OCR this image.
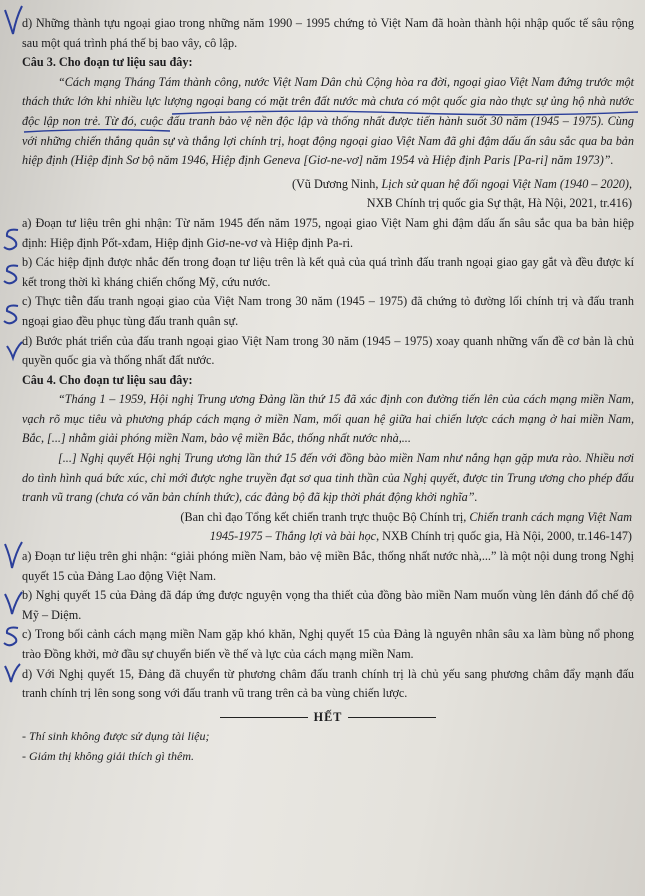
d) Những thành tựu ngoại giao trong những năm 1990 – 1995 chứng tỏ Việt Nam đã hoàn thành hội nhập quốc tế sâu rộng sau một quá trình phá thế bị bao vây, cô lập.

Câu 3. Cho đoạn tư liệu sau đây:

“Cách mạng Tháng Tám thành công, nước Việt Nam Dân chủ Cộng hòa ra đời, ngoại giao Việt Nam đứng trước một thách thức lớn khi nhiều lực lượng ngoại bang có mặt trên đất nước mà chưa có một quốc gia nào thực sự ủng hộ nhà nước độc lập non trẻ. Từ đó, cuộc đấu tranh bảo vệ nền độc lập và thống nhất được tiến hành suốt 30 năm (1945 – 1975). Cùng với những chiến thắng quân sự và thắng lợi chính trị, hoạt động ngoại giao Việt Nam đã ghi đậm dấu ấn sâu sắc qua ba bản hiệp định (Hiệp định Sơ bộ năm 1946, Hiệp định Geneva [Giơ-ne-vơ] năm 1954 và Hiệp định Paris [Pa-ri] năm 1973)”.

(Vũ Dương Ninh, Lịch sử quan hệ đối ngoại Việt Nam (1940 – 2020),

NXB Chính trị quốc gia Sự thật, Hà Nội, 2021, tr.416)

a) Đoạn tư liệu trên ghi nhận: Từ năm 1945 đến năm 1975, ngoại giao Việt Nam ghi đậm dấu ấn sâu sắc qua ba bản hiệp định: Hiệp định Pốt-xđam, Hiệp định Giơ-ne-vơ và Hiệp định Pa-ri.

b) Các hiệp định được nhắc đến trong đoạn tư liệu trên là kết quả của quá trình đấu tranh ngoại giao gay gắt và đều được kí kết trong thời kì kháng chiến chống Mỹ, cứu nước.

c) Thực tiễn đấu tranh ngoại giao của Việt Nam trong 30 năm (1945 – 1975) đã chứng tỏ đường lối chính trị và đấu tranh ngoại giao đều phục tùng đấu tranh quân sự.

d) Bước phát triển của đấu tranh ngoại giao Việt Nam trong 30 năm (1945 – 1975) xoay quanh những vấn đề cơ bản là chủ quyền quốc gia và thống nhất đất nước.

Câu 4. Cho đoạn tư liệu sau đây:

“Tháng 1 – 1959, Hội nghị Trung ương Đảng lần thứ 15 đã xác định con đường tiến lên của cách mạng miền Nam, vạch rõ mục tiêu và phương pháp cách mạng ở miền Nam, mối quan hệ giữa hai chiến lược cách mạng ở hai miền Nam, Bắc, [...] nhằm giải phóng miền Nam, bảo vệ miền Bắc, thống nhất nước nhà,...

[...] Nghị quyết Hội nghị Trung ương lần thứ 15 đến với đồng bào miền Nam như nắng hạn gặp mưa rào. Nhiều nơi do tình hình quá bức xúc, chỉ mới được nghe truyền đạt sơ qua tinh thần của Nghị quyết, được tin Trung ương cho phép đấu tranh vũ trang (chưa có văn bản chính thức), các đảng bộ đã kịp thời phát động khởi nghĩa”.

(Ban chỉ đạo Tổng kết chiến tranh trực thuộc Bộ Chính trị, Chiến tranh cách mạng Việt Nam

1945-1975 – Thắng lợi và bài học, NXB Chính trị quốc gia, Hà Nội, 2000, tr.146-147)

a) Đoạn tư liệu trên ghi nhận: “giải phóng miền Nam, bảo vệ miền Bắc, thống nhất nước nhà,...” là một nội dung trong Nghị quyết 15 của Đảng Lao động Việt Nam.

b) Nghị quyết 15 của Đảng đã đáp ứng được nguyện vọng tha thiết của đồng bào miền Nam muốn vùng lên đánh đổ chế độ Mỹ – Diệm.

c) Trong bối cảnh cách mạng miền Nam gặp khó khăn, Nghị quyết 15 của Đảng là nguyên nhân sâu xa làm bùng nổ phong trào Đồng khởi, mở đầu sự chuyển biến về thế và lực của cách mạng miền Nam.

d) Với Nghị quyết 15, Đảng đã chuyển từ phương châm đấu tranh chính trị là chủ yếu sang phương châm đẩy mạnh đấu tranh chính trị lên song song với đấu tranh vũ trang trên cả ba vùng chiến lược.

HẾT

- Thí sinh không được sử dụng tài liệu;

- Giám thị không giải thích gì thêm.
